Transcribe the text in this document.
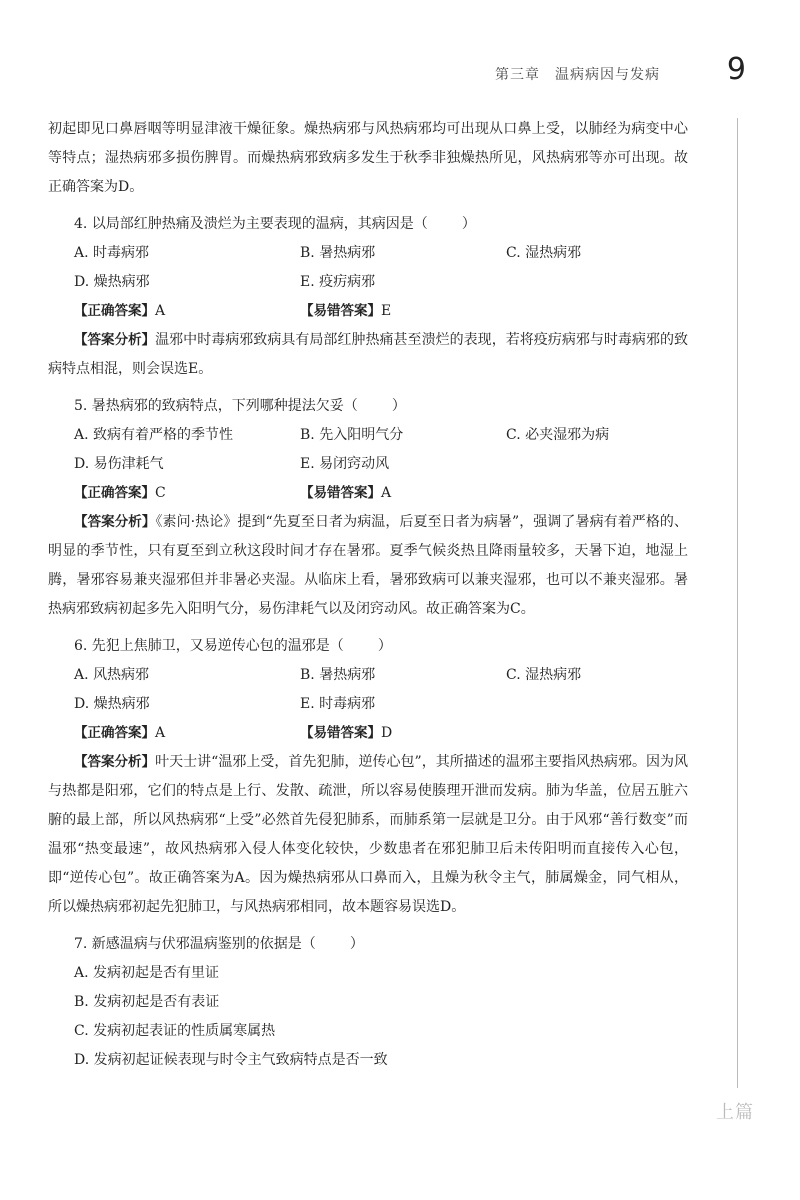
第三章　温病病因与发病 9
上篇

初起即见口鼻唇咽等明显津液干燥征象。燥热病邪与风热病邪均可出现从口鼻上受，以肺经为病变中心等特点；湿热病邪多损伤脾胃。而燥热病邪致病多发生于秋季非独燥热所见，风热病邪等亦可出现。故正确答案为D。

4. 以局部红肿热痛及溃烂为主要表现的温病，其病因是（ ）

A. 时毒病邪	B. 暑热病邪	C. 湿热病邪
D. 燥热病邪	E. 疫疠病邪
【正确答案】A	【易错答案】E

【答案分析】温邪中时毒病邪致病具有局部红肿热痛甚至溃烂的表现，若将疫疠病邪与时毒病邪的致病特点相混，则会误选E。

5. 暑热病邪的致病特点，下列哪种提法欠妥（ ）

A. 致病有着严格的季节性	B. 先入阳明气分	C. 必夹湿邪为病
D. 易伤津耗气	E. 易闭窍动风
【正确答案】C	【易错答案】A

【答案分析】《素问·热论》提到“先夏至日者为病温，后夏至日者为病暑”，强调了暑病有着严格的、明显的季节性，只有夏至到立秋这段时间才存在暑邪。夏季气候炎热且降雨量较多，天暑下迫，地湿上腾，暑邪容易兼夹湿邪但并非暑必夹湿。从临床上看，暑邪致病可以兼夹湿邪，也可以不兼夹湿邪。暑热病邪致病初起多先入阳明气分，易伤津耗气以及闭窍动风。故正确答案为C。

6. 先犯上焦肺卫，又易逆传心包的温邪是（ ）

A. 风热病邪	B. 暑热病邪	C. 湿热病邪
D. 燥热病邪	E. 时毒病邪
【正确答案】A	【易错答案】D

【答案分析】叶天士讲“温邪上受，首先犯肺，逆传心包”，其所描述的温邪主要指风热病邪。因为风与热都是阳邪，它们的特点是上行、发散、疏泄，所以容易使腠理开泄而发病。肺为华盖，位居五脏六腑的最上部，所以风热病邪“上受”必然首先侵犯肺系，而肺系第一层就是卫分。由于风邪“善行数变”而温邪“热变最速”，故风热病邪入侵人体变化较快，少数患者在邪犯肺卫后未传阳明而直接传入心包，即“逆传心包”。故正确答案为A。因为燥热病邪从口鼻而入，且燥为秋令主气，肺属燥金，同气相从，所以燥热病邪初起先犯肺卫，与风热病邪相同，故本题容易误选D。

7. 新感温病与伏邪温病鉴别的依据是（ ）

A. 发病初起是否有里证
B. 发病初起是否有表证
C. 发病初起表证的性质属寒属热
D. 发病初起证候表现与时令主气致病特点是否一致
